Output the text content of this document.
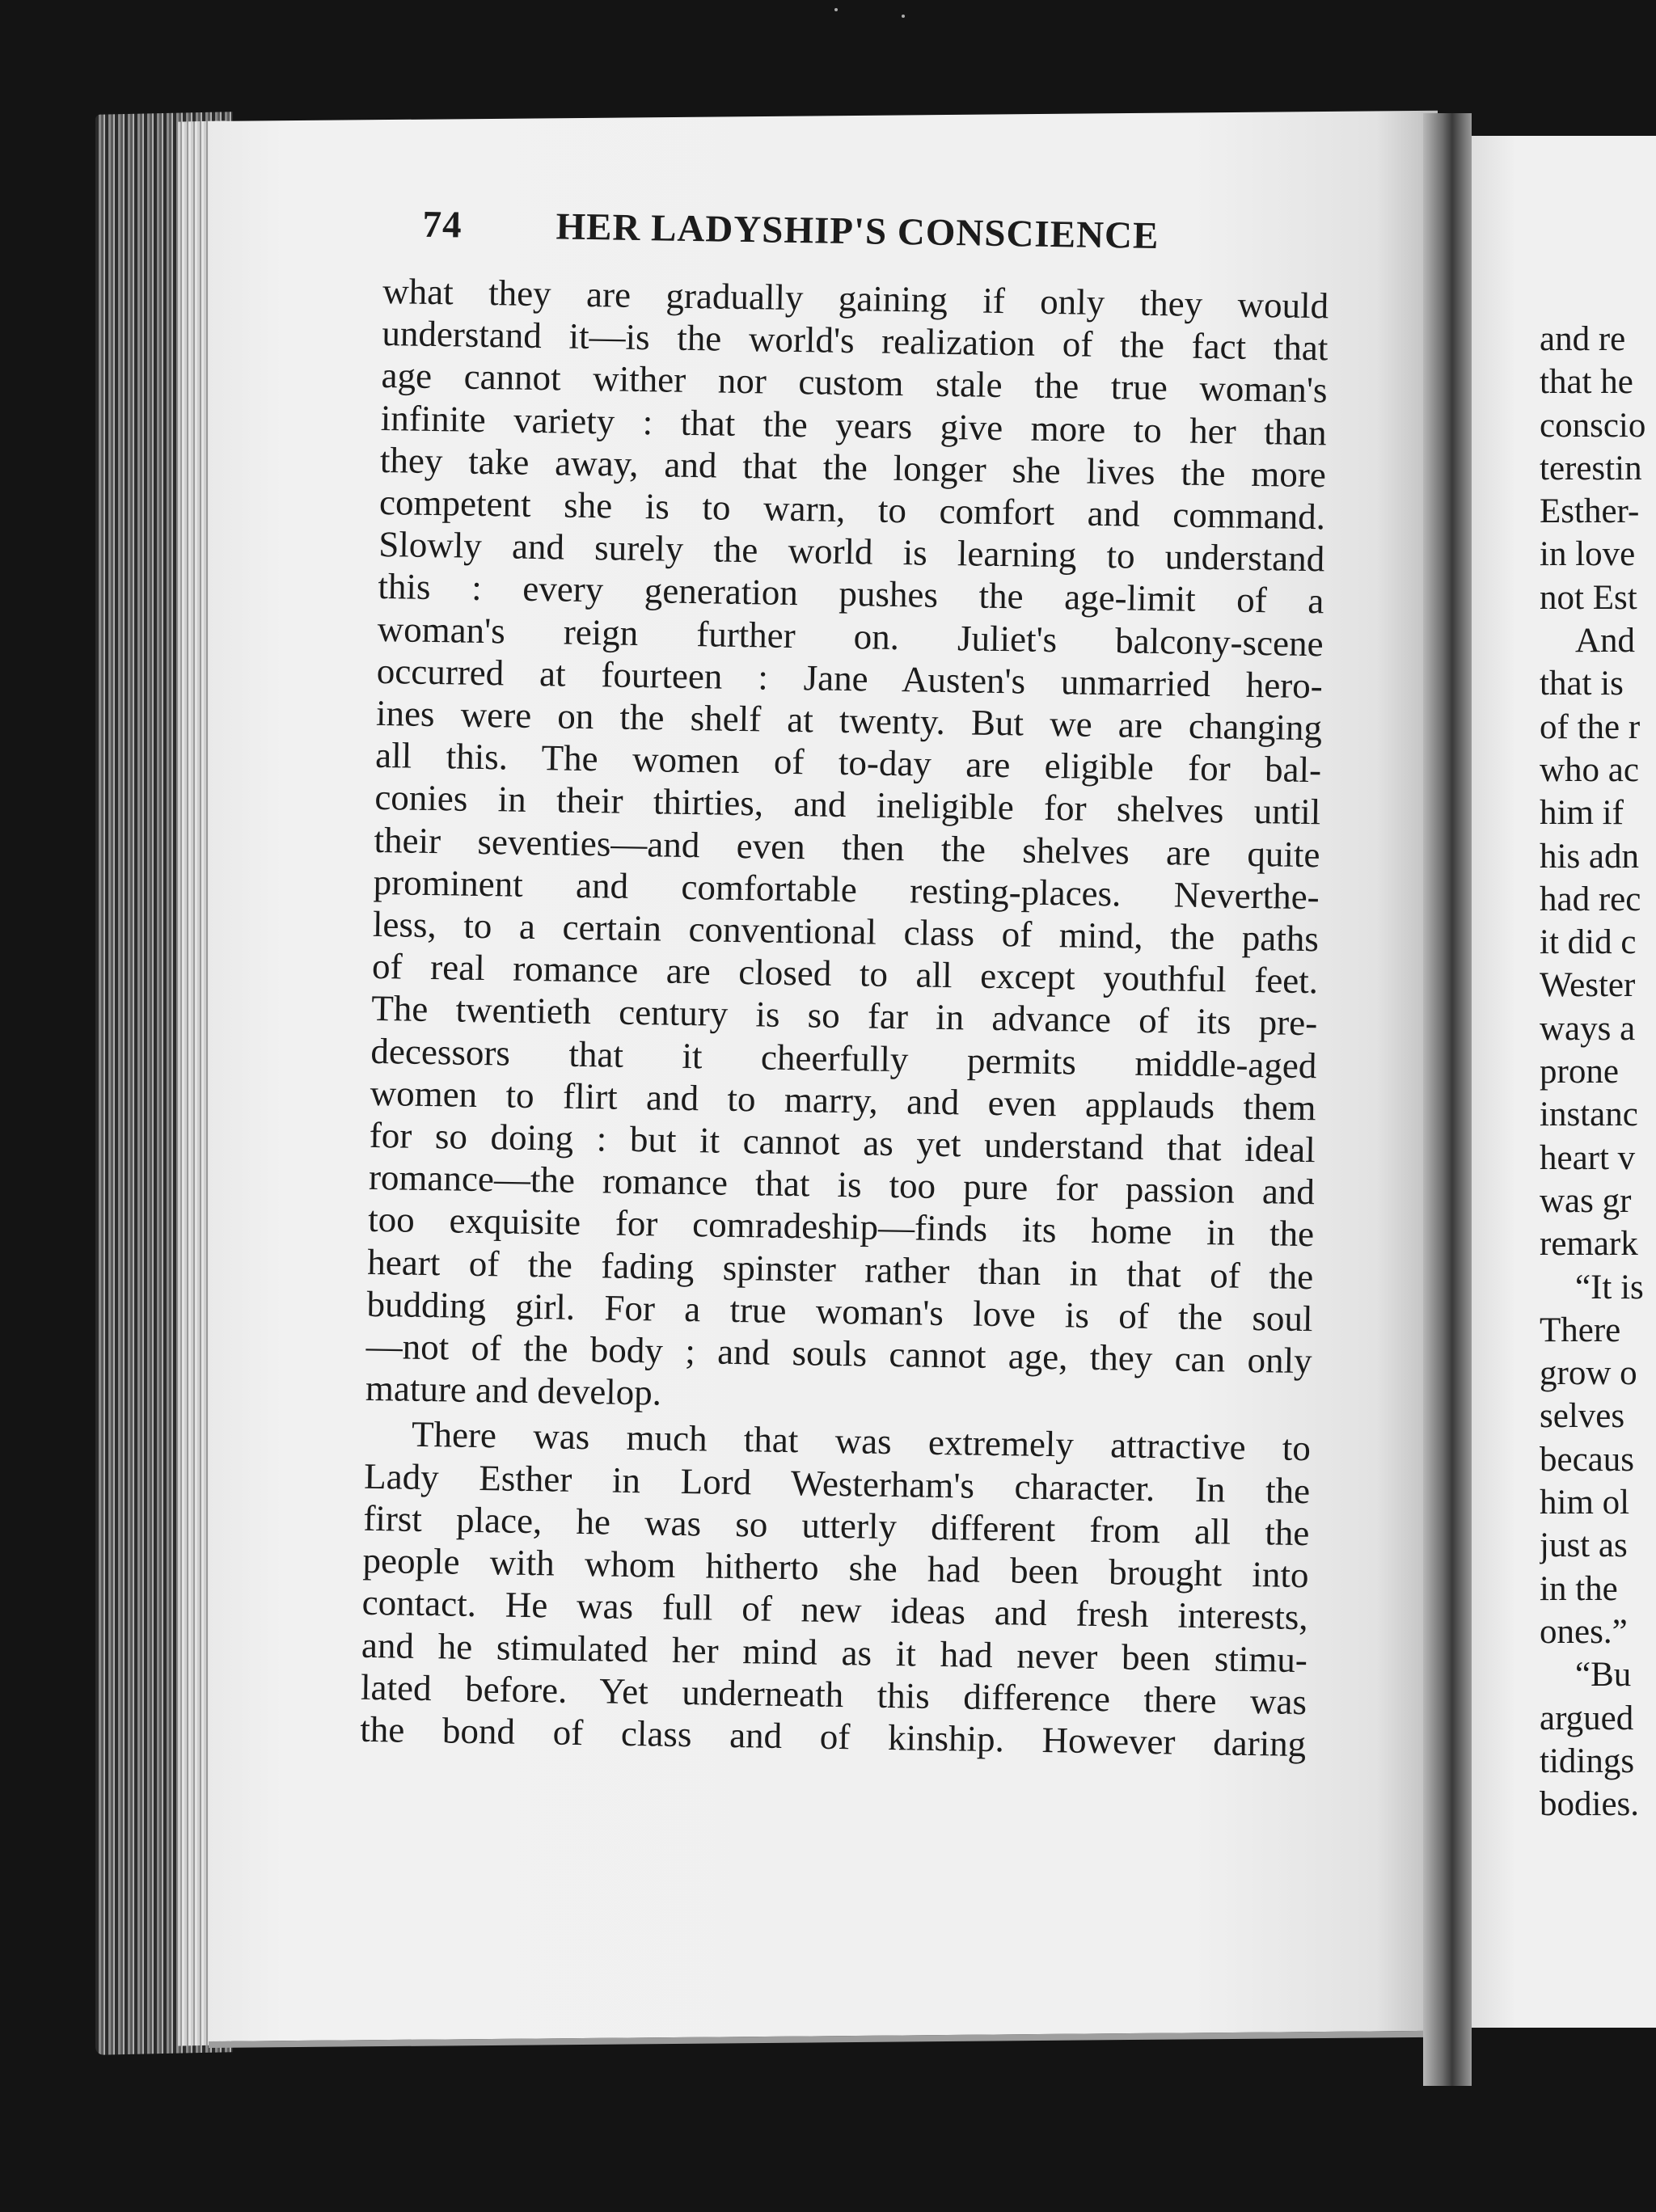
74	HER LADYSHIP'S CONSCIENCE
what they are gradually gaining if only they would
understand it—is the world's realization of the fact that
age cannot wither nor custom stale the true woman's
infinite variety : that the years give more to her than
they take away, and that the longer she lives the more
competent she is to warn, to comfort and command.
Slowly and surely the world is learning to understand
this : every generation pushes the age-limit of a
woman's reign further on. Juliet's balcony-scene
occurred at fourteen : Jane Austen's unmarried hero-
ines were on the shelf at twenty. But we are changing
all this. The women of to-day are eligible for bal-
conies in their thirties, and ineligible for shelves until
their seventies—and even then the shelves are quite
prominent and comfortable resting-places. Neverthe-
less, to a certain conventional class of mind, the paths
of real romance are closed to all except youthful feet.
The twentieth century is so far in advance of its pre-
decessors that it cheerfully permits middle-aged
women to flirt and to marry, and even applauds them
for so doing : but it cannot as yet understand that ideal
romance—the romance that is too pure for passion and
too exquisite for comradeship—finds its home in the
heart of the fading spinster rather than in that of the
budding girl. For a true woman's love is of the soul
—not of the body ; and souls cannot age, they can only
mature and develop.
There was much that was extremely attractive to
Lady Esther in Lord Westerham's character. In the
first place, he was so utterly different from all the
people with whom hitherto she had been brought into
contact. He was full of new ideas and fresh interests,
and he stimulated her mind as it had never been stimu-
lated before. Yet underneath this difference there was
the bond of class and of kinship. However daring
and re
that he
conscio
terestin
Esther-
in love
not Est
And
that is
of the r
who ac
him if
his adn
had rec
it did c
Wester
ways a
prone
instanc
heart v
was gr
remark
“It is
There
grow o
selves
becaus
him ol
just as
in the
ones.”
“Bu
argued
tidings
bodies.
